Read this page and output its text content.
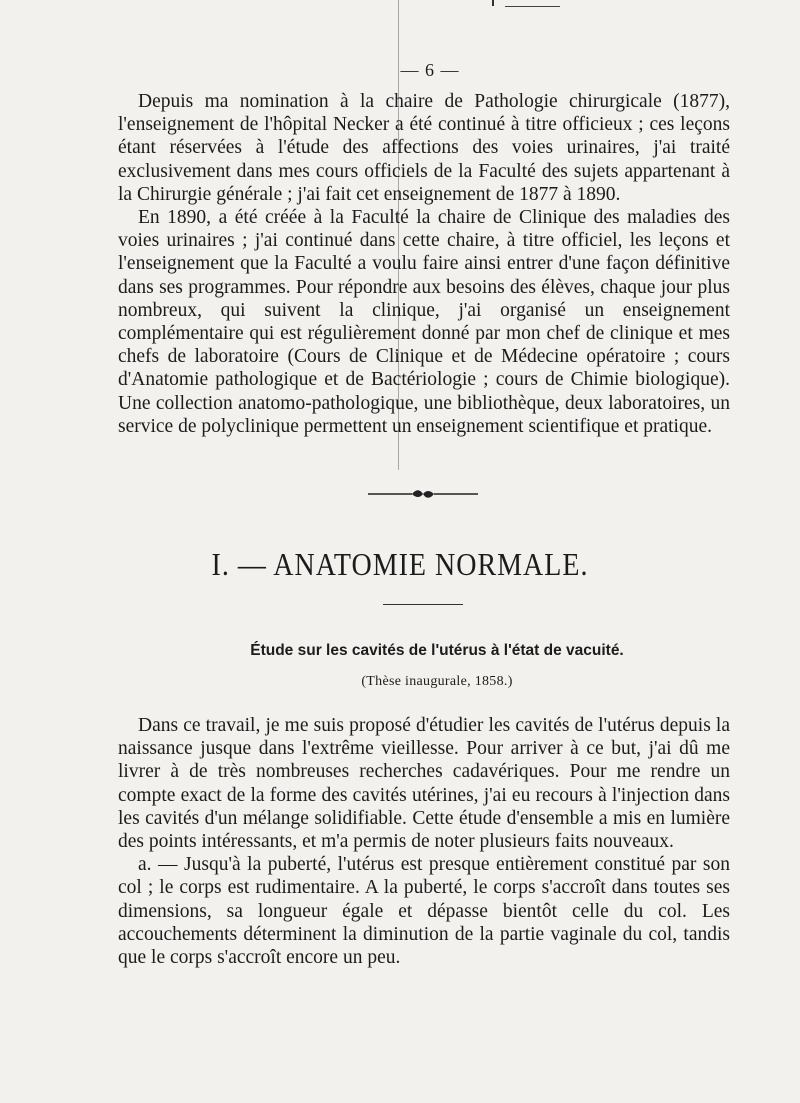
— 6 —

Depuis ma nomination à la chaire de Pathologie chirurgicale (1877), l'enseignement de l'hôpital Necker a été continué à titre officieux ; ces leçons étant réservées à l'étude des affections des voies urinaires, j'ai traité exclusivement dans mes cours officiels de la Faculté des sujets appartenant à la Chirurgie générale ; j'ai fait cet enseignement de 1877 à 1890.

En 1890, a été créée à la Faculté la chaire de Clinique des maladies des voies urinaires ; j'ai continué dans cette chaire, à titre officiel, les leçons et l'enseignement que la Faculté a voulu faire ainsi entrer d'une façon définitive dans ses programmes. Pour répondre aux besoins des élèves, chaque jour plus nombreux, qui suivent la clinique, j'ai organisé un enseignement complémentaire qui est régulièrement donné par mon chef de clinique et mes chefs de laboratoire (Cours de Clinique et de Médecine opératoire ; cours d'Anatomie pathologique et de Bactériologie ; cours de Chimie biologique). Une collection anatomo-pathologique, une bibliothèque, deux laboratoires, un service de polyclinique permettent un enseignement scientifique et pratique.

I. — ANATOMIE NORMALE.
Étude sur les cavités de l'utérus à l'état de vacuité.
(Thèse inaugurale, 1858.)

Dans ce travail, je me suis proposé d'étudier les cavités de l'utérus depuis la naissance jusque dans l'extrême vieillesse. Pour arriver à ce but, j'ai dû me livrer à de très nombreuses recherches cadavériques. Pour me rendre un compte exact de la forme des cavités utérines, j'ai eu recours à l'injection dans les cavités d'un mélange solidifiable. Cette étude d'ensemble a mis en lumière des points intéressants, et m'a permis de noter plusieurs faits nouveaux.

a. — Jusqu'à la puberté, l'utérus est presque entièrement constitué par son col ; le corps est rudimentaire. A la puberté, le corps s'accroît dans toutes ses dimensions, sa longueur égale et dépasse bientôt celle du col. Les accouchements déterminent la diminution de la partie vaginale du col, tandis que le corps s'accroît encore un peu.
